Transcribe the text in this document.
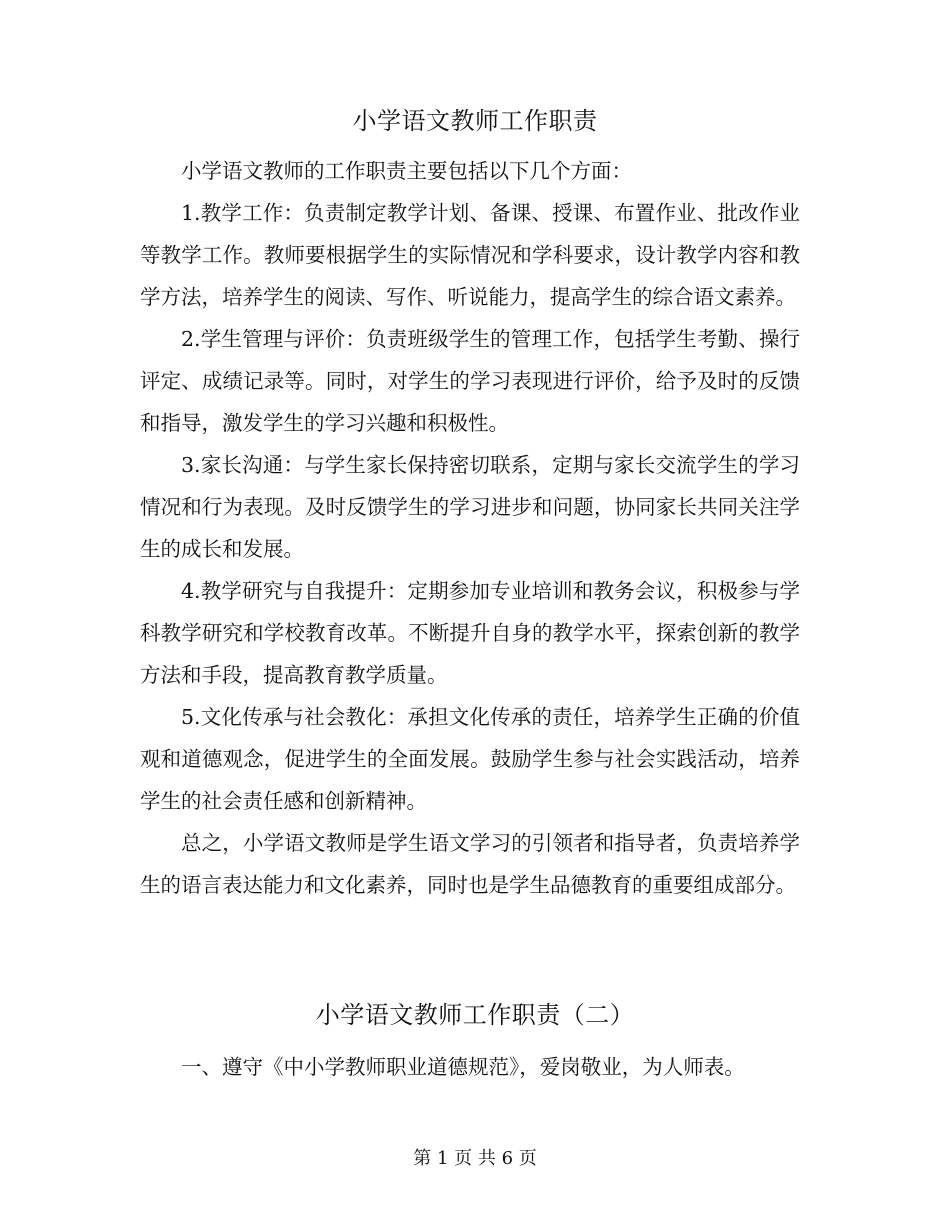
小学语文教师工作职责

小学语文教师的工作职责主要包括以下几个方面：

1.教学工作：负责制定教学计划、备课、授课、布置作业、批改作业等教学工作。教师要根据学生的实际情况和学科要求，设计教学内容和教学方法，培养学生的阅读、写作、听说能力，提高学生的综合语文素养。

2.学生管理与评价：负责班级学生的管理工作，包括学生考勤、操行评定、成绩记录等。同时，对学生的学习表现进行评价，给予及时的反馈和指导，激发学生的学习兴趣和积极性。

3.家长沟通：与学生家长保持密切联系，定期与家长交流学生的学习情况和行为表现。及时反馈学生的学习进步和问题，协同家长共同关注学生的成长和发展。

4.教学研究与自我提升：定期参加专业培训和教务会议，积极参与学科教学研究和学校教育改革。不断提升自身的教学水平，探索创新的教学方法和手段，提高教育教学质量。

5.文化传承与社会教化：承担文化传承的责任，培养学生正确的价值观和道德观念，促进学生的全面发展。鼓励学生参与社会实践活动，培养学生的社会责任感和创新精神。

总之，小学语文教师是学生语文学习的引领者和指导者，负责培养学生的语言表达能力和文化素养，同时也是学生品德教育的重要组成部分。

小学语文教师工作职责（二）

一、遵守《中小学教师职业道德规范》，爱岗敬业，为人师表。

第 1 页 共 6 页
